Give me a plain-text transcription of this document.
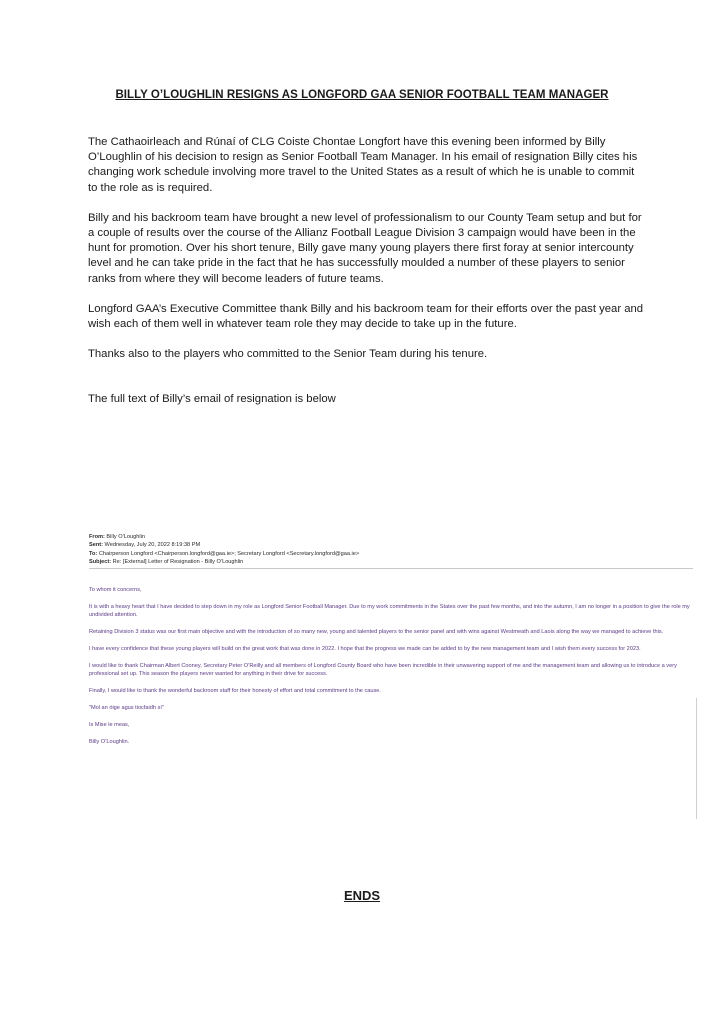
BILLY O’LOUGHLIN RESIGNS AS LONGFORD GAA SENIOR FOOTBALL TEAM MANAGER

The Cathaoirleach and Rúnaí of CLG Coiste Chontae Longfort have this evening been informed by Billy O’Loughlin of his decision to resign as Senior Football Team Manager. In his email of resignation Billy cites his changing work schedule involving more travel to the United States as a result of which he is unable to commit to the role as is required.

Billy and his backroom team have brought a new level of professionalism to our County Team setup and but for a couple of results over the course of the Allianz Football League Division 3 campaign would have been in the hunt for promotion. Over his short tenure, Billy gave many young players there first foray at senior intercounty level and he can take pride in the fact that he has successfully moulded a number of these players to senior ranks from where they will become leaders of future teams.

Longford GAA’s Executive Committee thank Billy and his backroom team for their efforts over the past year and wish each of them well in whatever team role they may decide to take up in the future.

Thanks also to the players who committed to the Senior Team during his tenure.

The full text of Billy’s email of resignation is below

From: Billy O’Loughlin
Sent: Wednesday, July 20, 2022 8:19:38 PM
To: Chairperson Longford <Chairperson.longford@gaa.ie>; Secretary Longford <Secretary.longford@gaa.ie>
Subject: Re: [External] Letter of Resignation - Billy O’Loughlin

To whom it concerns,

It is with a heavy heart that I have decided to step down in my role as Longford Senior Football Manager. Due to my work commitments in the States over the past few months, and into the autumn, I am no longer in a position to give the role my undivided attention.

Retaining Division 3 status was our first main objective and with the introduction of so many new, young and talented players to the senior panel and with wins against Westmeath and Laois along the way we managed to achieve this.

I have every confidence that these young players will build on the great work that was done in 2022. I hope that the progress we made can be added to by the new management team and I wish them every success for 2023.

I would like to thank Chairman Albert Cooney, Secretary Peter O’Reilly and all members of Longford County Board who have been incredible in their unwavering support of me and the management team and allowing us to introduce a very professional set up. This season the players never wanted for anything in their drive for success.

Finally, I would like to thank the wonderful backroom staff for their honesty of effort and total commitment to the cause.

"Mol an óige agus tiocfaidh sí"

Is Mise le meas,

Billy O’Loughlin.

ENDS
